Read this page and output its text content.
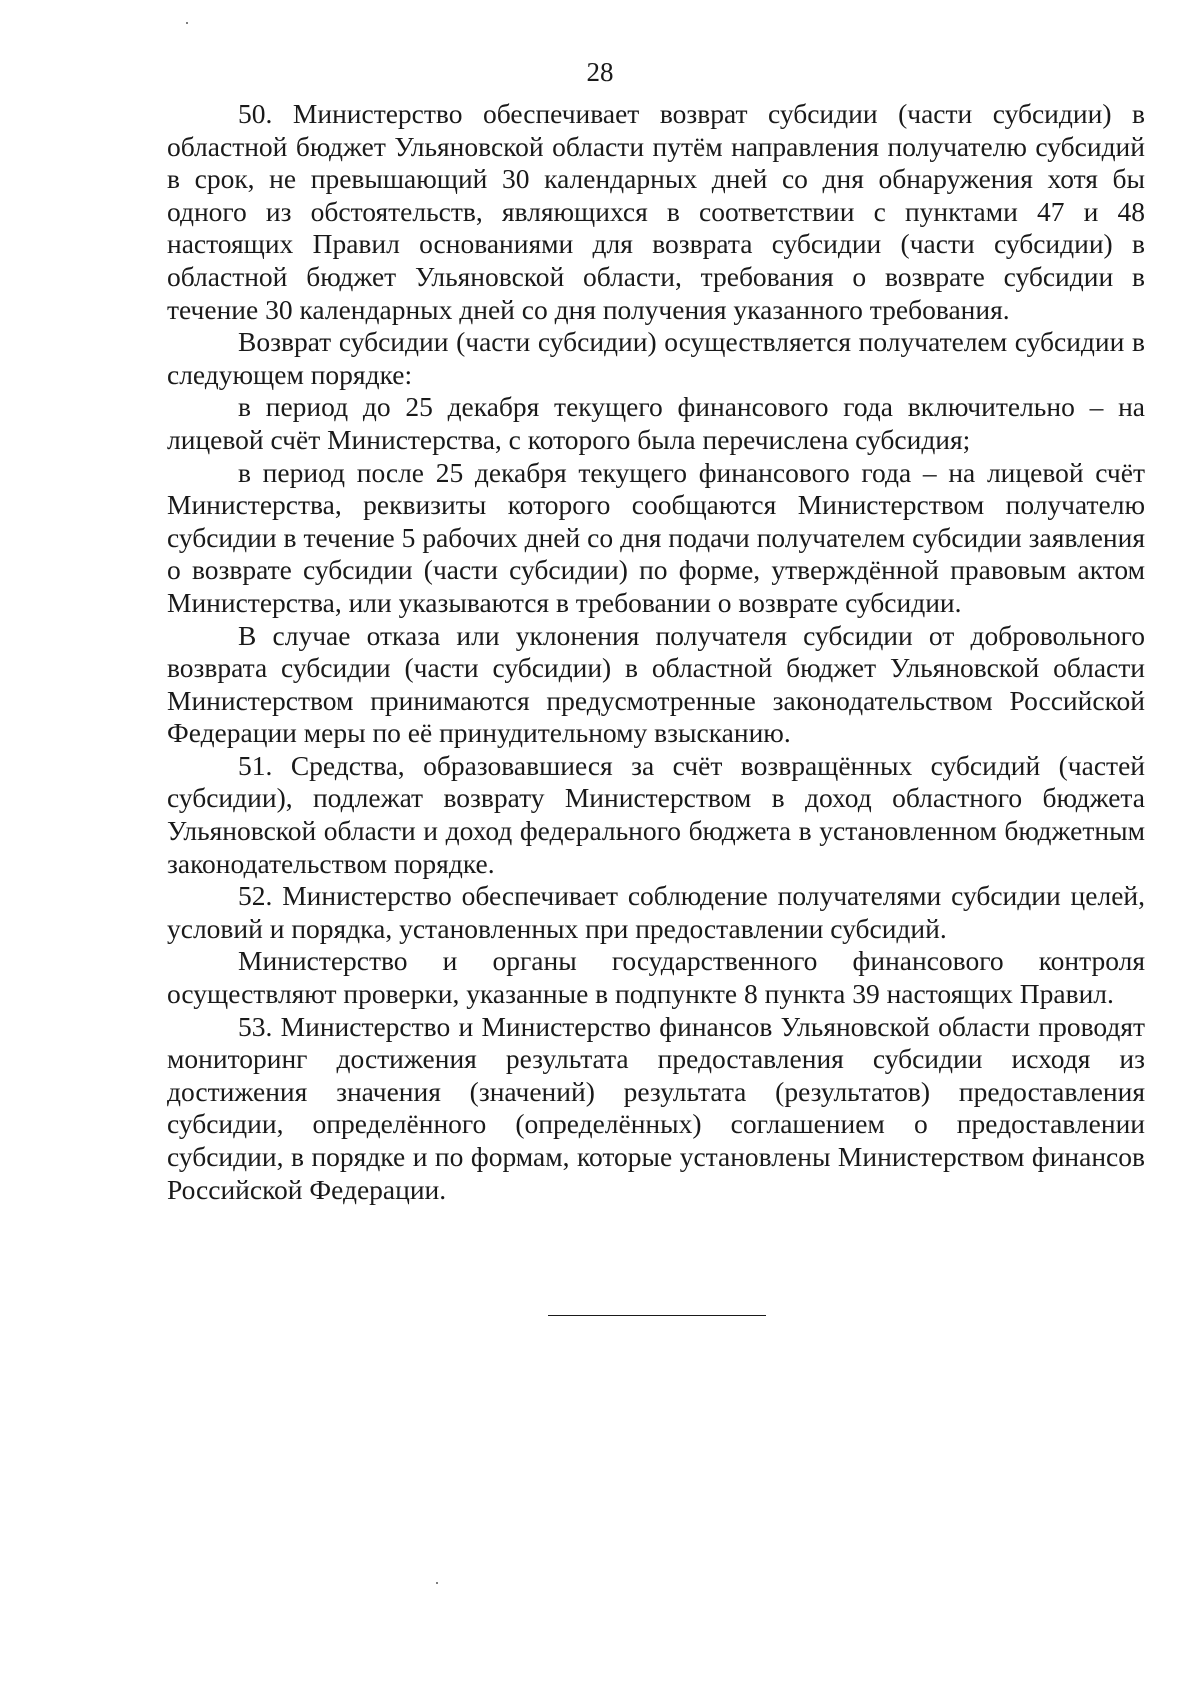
28

50. Министерство обеспечивает возврат субсидии (части субсидии) в областной бюджет Ульяновской области путём направления получателю субсидий в срок, не превышающий 30 календарных дней со дня обнаружения хотя бы одного из обстоятельств, являющихся в соответствии с пунктами 47 и 48 настоящих Правил основаниями для возврата субсидии (части субсидии) в областной бюджет Ульяновской области, требования о возврате субсидии в течение 30 календарных дней со дня получения указанного требования.

Возврат субсидии (части субсидии) осуществляется получателем субсидии в следующем порядке:

в период до 25 декабря текущего финансового года включительно – на лицевой счёт Министерства, с которого была перечислена субсидия;

в период после 25 декабря текущего финансового года – на лицевой счёт Министерства, реквизиты которого сообщаются Министерством получателю субсидии в течение 5 рабочих дней со дня подачи получателем субсидии заявления о возврате субсидии (части субсидии) по форме, утверждённой правовым актом Министерства, или указываются в требовании о возврате субсидии.

В случае отказа или уклонения получателя субсидии от добровольного возврата субсидии (части субсидии) в областной бюджет Ульяновской области Министерством принимаются предусмотренные законодательством Российской Федерации меры по её принудительному взысканию.

51. Средства, образовавшиеся за счёт возвращённых субсидий (частей субсидии), подлежат возврату Министерством в доход областного бюджета Ульяновской области и доход федерального бюджета в установленном бюджетным законодательством порядке.

52. Министерство обеспечивает соблюдение получателями субсидии целей, условий и порядка, установленных при предоставлении субсидий.

Министерство и органы государственного финансового контроля осуществляют проверки, указанные в подпункте 8 пункта 39 настоящих Правил.

53. Министерство и Министерство финансов Ульяновской области проводят мониторинг достижения результата предоставления субсидии исходя из достижения значения (значений) результата (результатов) предоставления субсидии, определённого (определённых) соглашением о предоставлении субсидии, в порядке и по формам, которые установлены Министерством финансов Российской Федерации.
